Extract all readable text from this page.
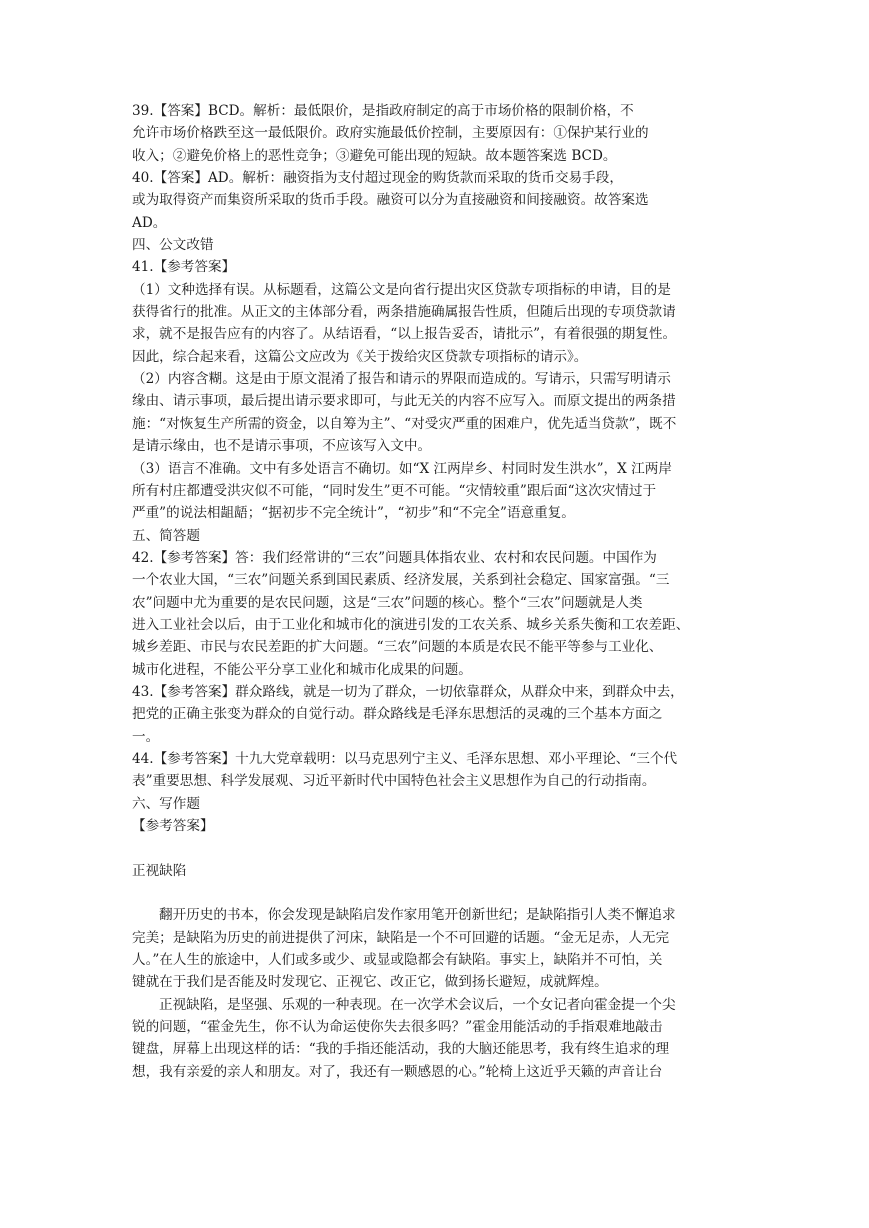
39.【答案】BCD。解析：最低限价，是指政府制定的高于市场价格的限制价格，不
允许市场价格跌至这一最低限价。政府实施最低价控制，主要原因有：①保护某行业的
收入；②避免价格上的恶性竞争；③避免可能出现的短缺。故本题答案选 BCD。
40.【答案】AD。解析：融资指为支付超过现金的购货款而采取的货币交易手段，
或为取得资产而集资所采取的货币手段。融资可以分为直接融资和间接融资。故答案选
AD。
四、公文改错
41.【参考答案】
（1）文种选择有误。从标题看，这篇公文是向省行提出灾区贷款专项指标的申请，目的是
获得省行的批准。从正文的主体部分看，两条措施确属报告性质，但随后出现的专项贷款请
求，就不是报告应有的内容了。从结语看，“以上报告妥否，请批示”，有着很强的期复性。
因此，综合起来看，这篇公文应改为《关于拨给灾区贷款专项指标的请示》。
（2）内容含糊。这是由于原文混淆了报告和请示的界限而造成的。写请示，只需写明请示
缘由、请示事项，最后提出请示要求即可，与此无关的内容不应写入。而原文提出的两条措
施：“对恢复生产所需的资金，以自筹为主”、“对受灾严重的困难户，优先适当贷款”，既不
是请示缘由，也不是请示事项，不应该写入文中。
（3）语言不准确。文中有多处语言不确切。如“X 江两岸乡、村同时发生洪水”，X 江两岸
所有村庄都遭受洪灾似不可能，“同时发生”更不可能。“灾情较重”跟后面“这次灾情过于
严重”的说法相龃龉；“据初步不完全统计”，“初步”和“不完全”语意重复。
五、简答题
42.【参考答案】答：我们经常讲的“三农”问题具体指农业、农村和农民问题。中国作为
一个农业大国，“三农”问题关系到国民素质、经济发展，关系到社会稳定、国家富强。“三
农”问题中尤为重要的是农民问题，这是“三农”问题的核心。整个“三农”问题就是人类
进入工业社会以后，由于工业化和城市化的演进引发的工农关系、城乡关系失衡和工农差距、
城乡差距、市民与农民差距的扩大问题。“三农”问题的本质是农民不能平等参与工业化、
城市化进程，不能公平分享工业化和城市化成果的问题。
43.【参考答案】群众路线，就是一切为了群众，一切依靠群众，从群众中来，到群众中去，
把党的正确主张变为群众的自觉行动。群众路线是毛泽东思想活的灵魂的三个基本方面之
一。
44.【参考答案】十九大党章载明：以马克思列宁主义、毛泽东思想、邓小平理论、“三个代
表”重要思想、科学发展观、习近平新时代中国特色社会主义思想作为自己的行动指南。
六、写作题
【参考答案】
正视缺陷
翻开历史的书本，你会发现是缺陷启发作家用笔开创新世纪；是缺陷指引人类不懈追求
完美；是缺陷为历史的前进提供了河床，缺陷是一个不可回避的话题。“金无足赤，人无完
人。”在人生的旅途中，人们或多或少、或显或隐都会有缺陷。事实上，缺陷并不可怕，关
键就在于我们是否能及时发现它、正视它、改正它，做到扬长避短，成就辉煌。
正视缺陷，是坚强、乐观的一种表现。在一次学术会议后，一个女记者向霍金提一个尖
锐的问题，“霍金先生，你不认为命运使你失去很多吗？”霍金用能活动的手指艰难地敲击
键盘，屏幕上出现这样的话：“我的手指还能活动，我的大脑还能思考，我有终生追求的理
想，我有亲爱的亲人和朋友。对了，我还有一颗感恩的心。”轮椅上这近乎天籁的声音让台
